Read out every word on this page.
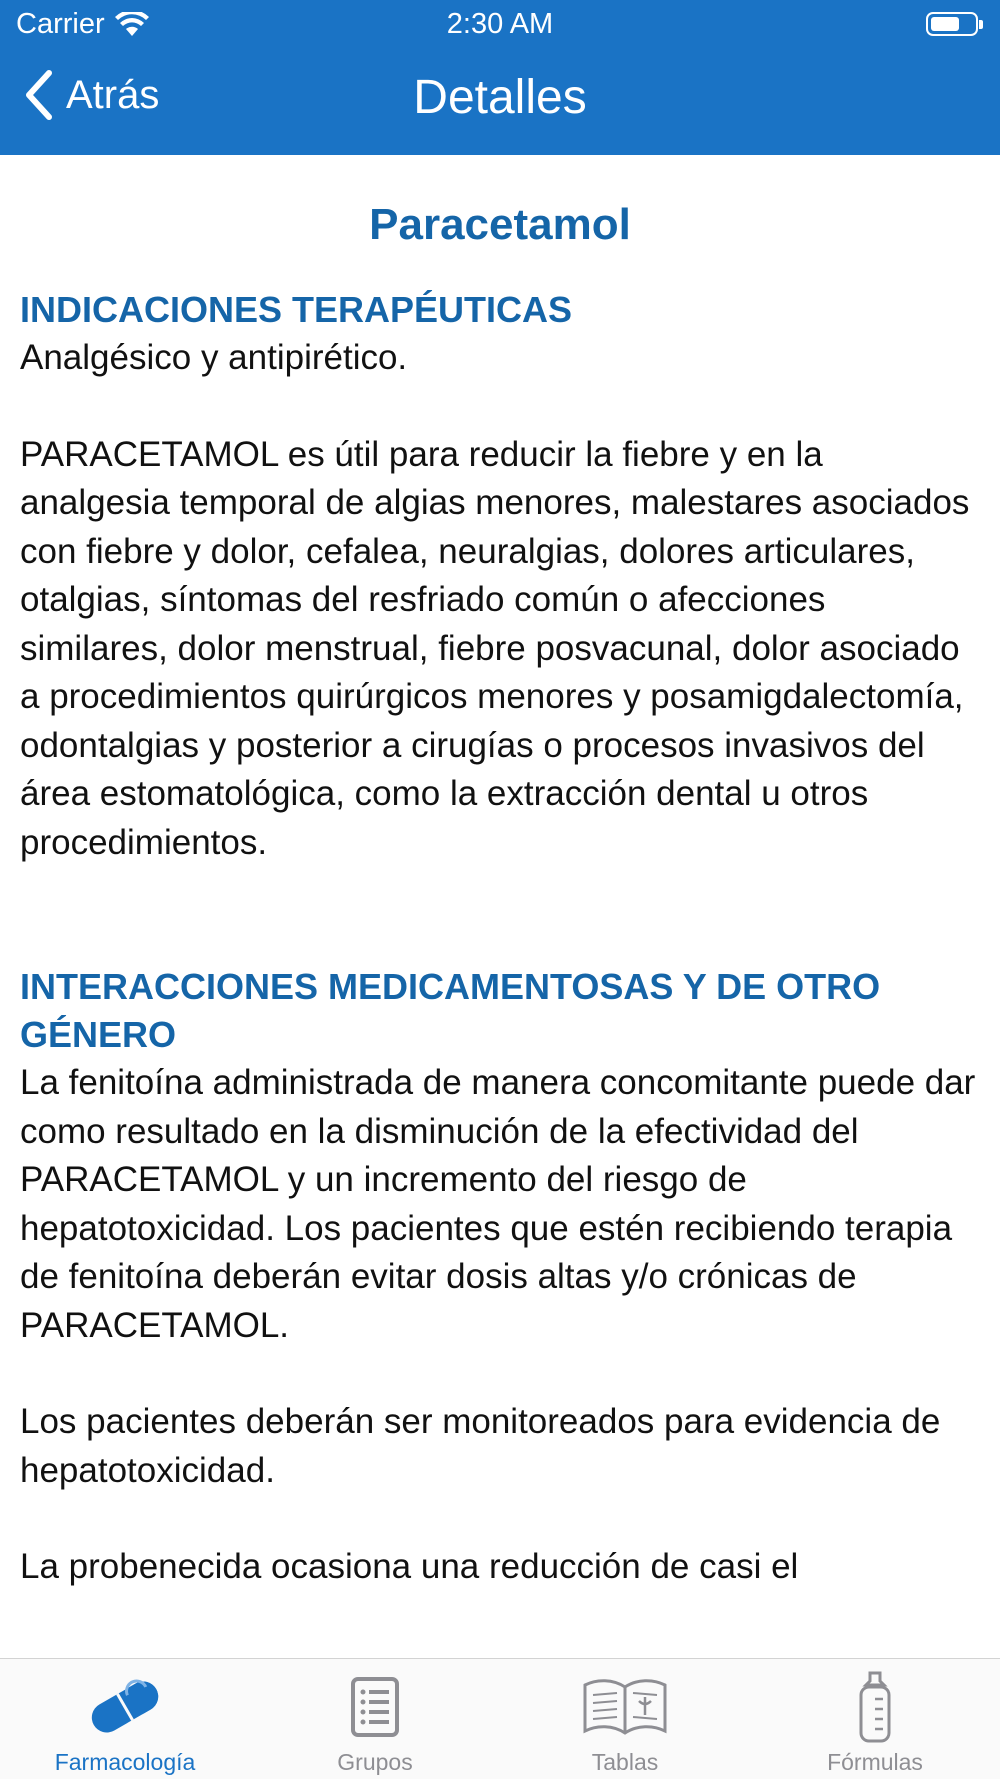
Carrier	2:30 AM
Atrás	Detalles

Paracetamol

INDICACIONES TERAPÉUTICAS

Analgésico y antipirético.

PARACETAMOL es útil para reducir la fiebre y en la analgesia temporal de algias menores, malestares asociados con fiebre y dolor, cefalea, neuralgias, dolores articulares, otalgias, síntomas del resfriado común o afecciones similares, dolor menstrual, fiebre posvacunal, dolor asociado a procedimientos quirúrgicos menores y posamigdalectomía, odontalgias y posterior a cirugías o procesos invasivos del área estomatológica, como la extracción dental u otros procedimientos.

INTERACCIONES MEDICAMENTOSAS Y DE OTRO GÉNERO

La fenitoína administrada de manera concomitante puede dar como resultado en la disminución de la efectividad del PARACETAMOL y un incremento del riesgo de hepatotoxicidad. Los pacientes que estén recibiendo terapia de fenitoína deberán evitar dosis altas y/o crónicas de PARACETAMOL.

Los pacientes deberán ser monitoreados para evidencia de hepatotoxicidad.

La probenecida ocasiona una reducción de casi el

Farmacología	Grupos	Tablas	Fórmulas
